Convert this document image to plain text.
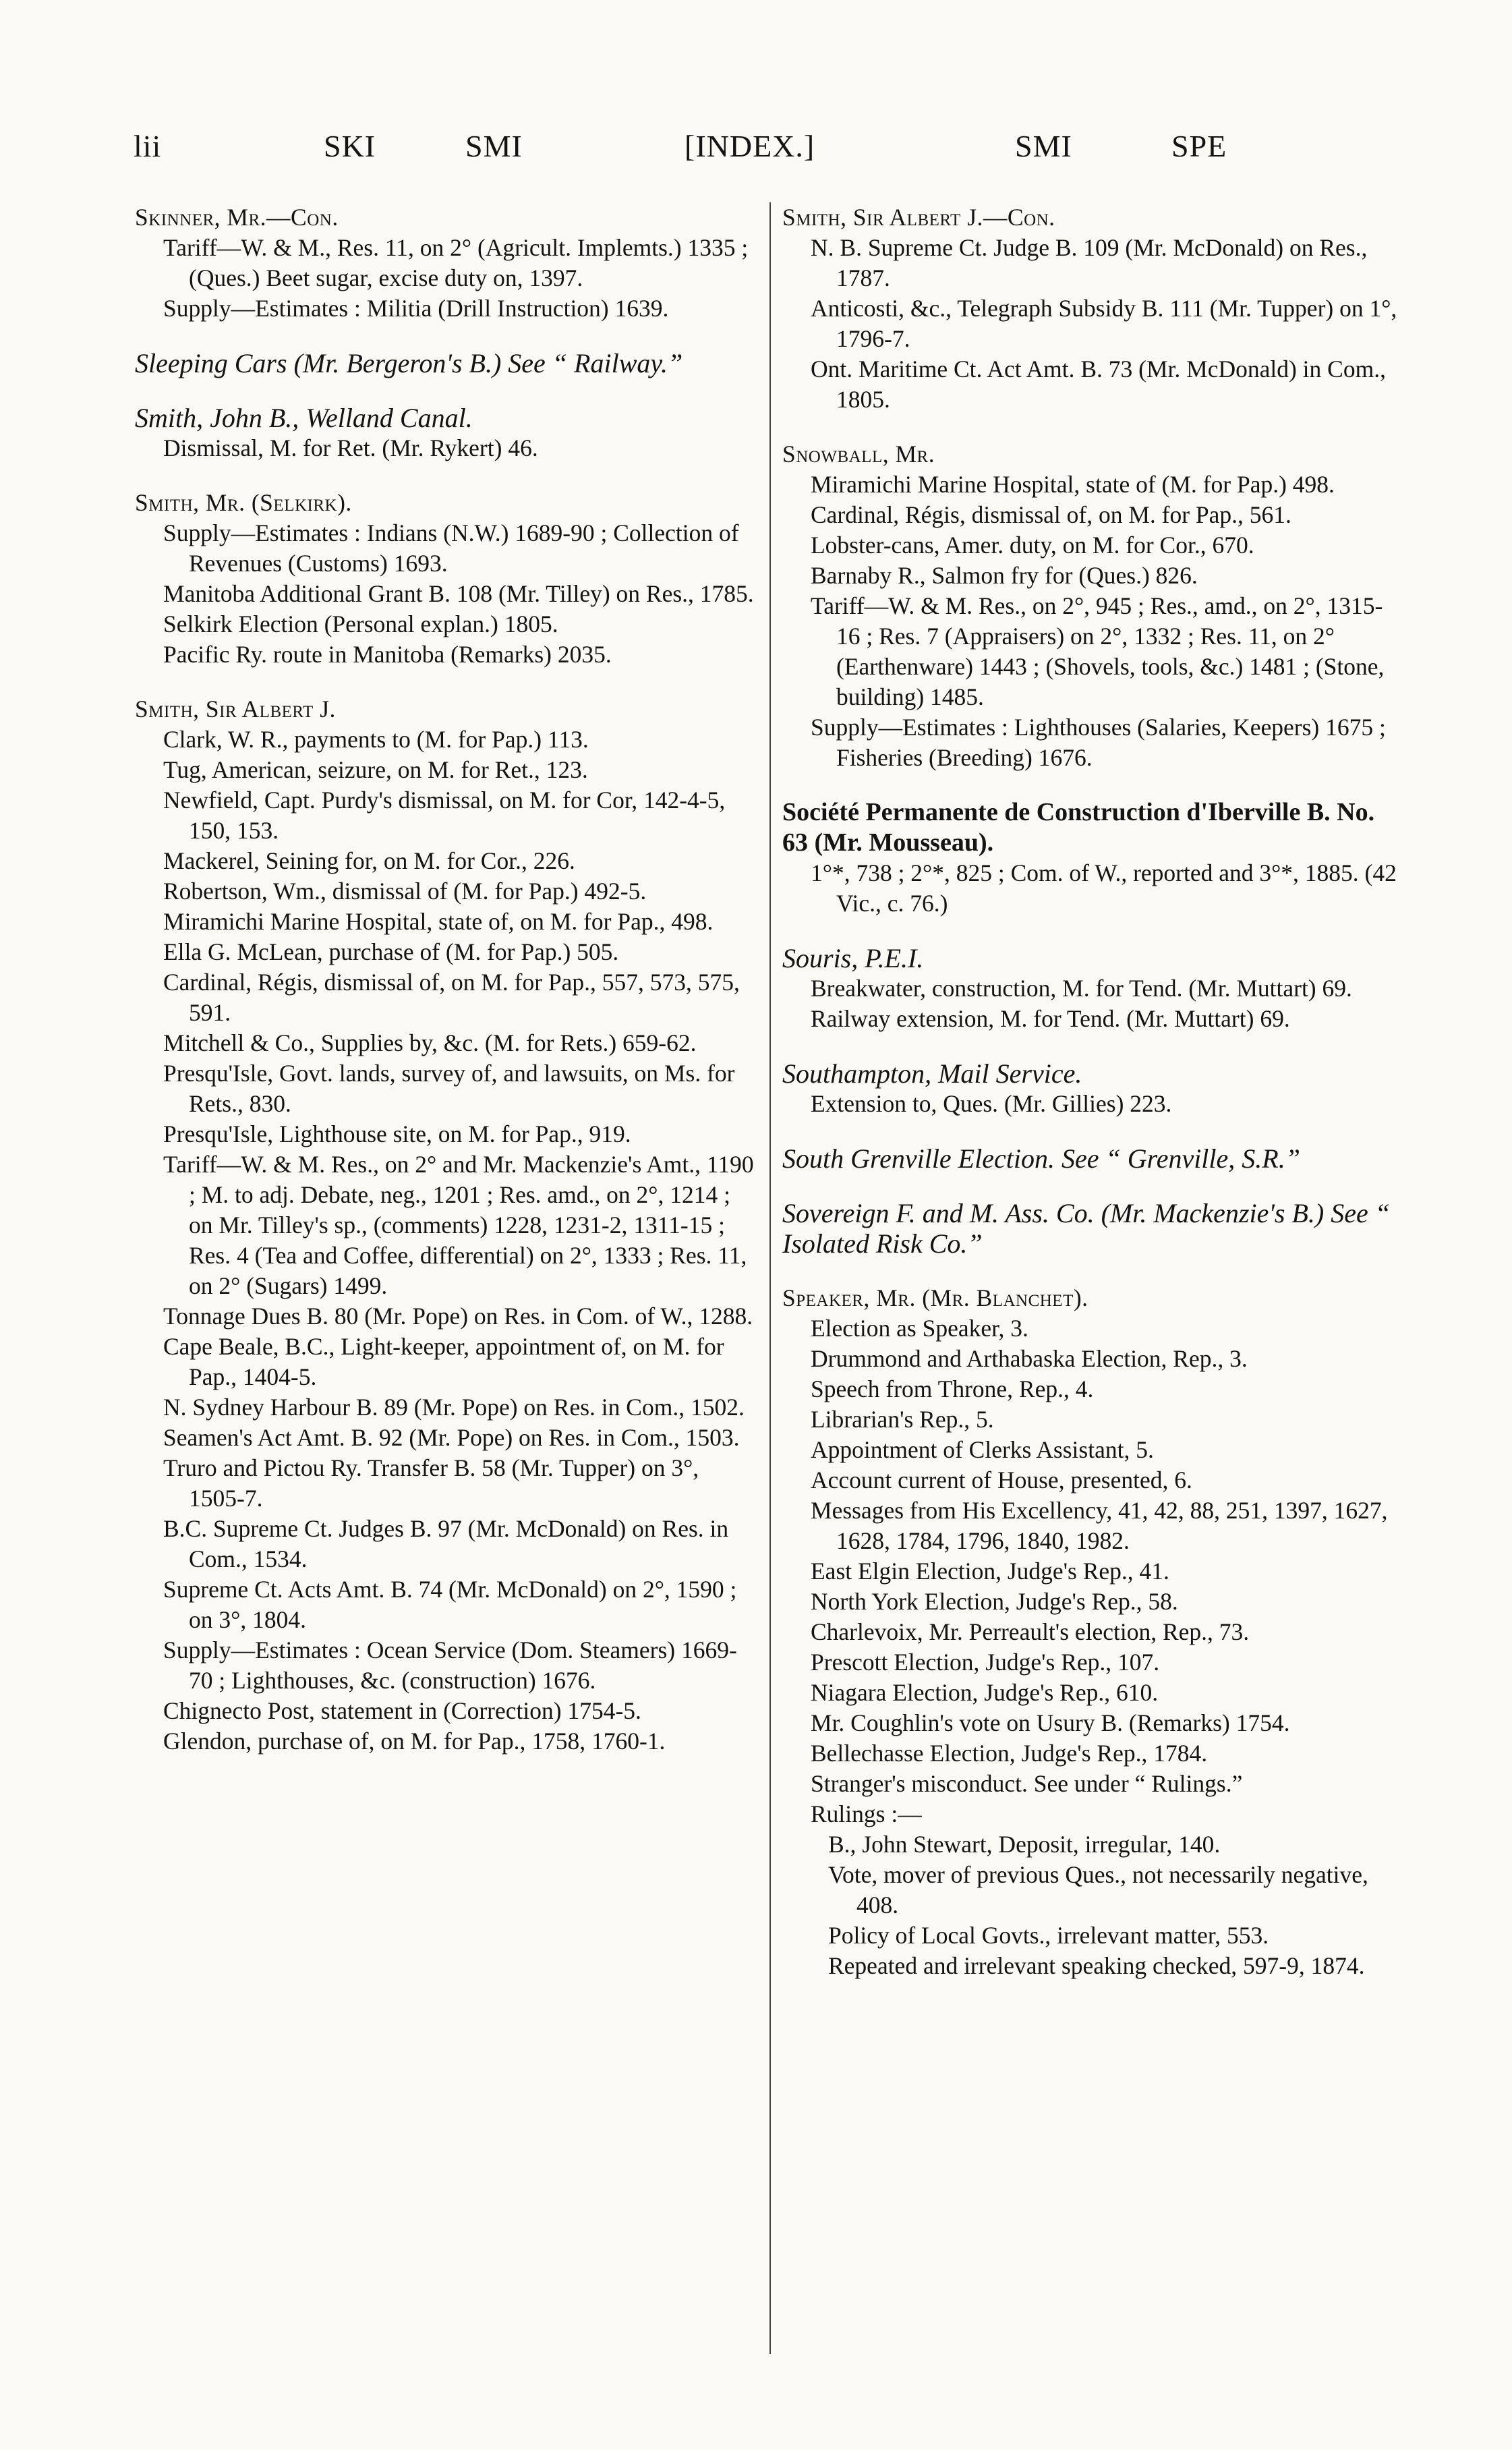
lii	SKI	SMI	[INDEX.]	SMI	SPE
Skinner, Mr.—Con.
Tariff—W. & M., Res. 11, on 2° (Agricult. Implemts.) 1335 ; (Ques.) Beet sugar, excise duty on, 1397.
Supply—Estimates : Militia (Drill Instruction) 1639.
Sleeping Cars (Mr. Bergeron's B.) See “ Railway.”
Smith, John B., Welland Canal.
Dismissal, M. for Ret. (Mr. Rykert) 46.
Smith, Mr. (Selkirk).
Supply—Estimates : Indians (N.W.) 1689-90 ; Collection of Revenues (Customs) 1693.
Manitoba Additional Grant B. 108 (Mr. Tilley) on Res., 1785.
Selkirk Election (Personal explan.) 1805.
Pacific Ry. route in Manitoba (Remarks) 2035.
Smith, Sir Albert J.
Clark, W. R., payments to (M. for Pap.) 113.
Tug, American, seizure, on M. for Ret., 123.
Newfield, Capt. Purdy's dismissal, on M. for Cor, 142-4-5, 150, 153.
Mackerel, Seining for, on M. for Cor., 226.
Robertson, Wm., dismissal of (M. for Pap.) 492-5.
Miramichi Marine Hospital, state of, on M. for Pap., 498.
Ella G. McLean, purchase of (M. for Pap.) 505.
Cardinal, Régis, dismissal of, on M. for Pap., 557, 573, 575, 591.
Mitchell & Co., Supplies by, &c. (M. for Rets.) 659-62.
Presqu'Isle, Govt. lands, survey of, and lawsuits, on Ms. for Rets., 830.
Presqu'Isle, Lighthouse site, on M. for Pap., 919.
Tariff—W. & M. Res., on 2° and Mr. Mackenzie's Amt., 1190 ; M. to adj. Debate, neg., 1201 ; Res. amd., on 2°, 1214 ; on Mr. Tilley's sp., (comments) 1228, 1231-2, 1311-15 ; Res. 4 (Tea and Coffee, differential) on 2°, 1333 ; Res. 11, on 2° (Sugars) 1499.
Tonnage Dues B. 80 (Mr. Pope) on Res. in Com. of W., 1288.
Cape Beale, B.C., Light-keeper, appointment of, on M. for Pap., 1404-5.
N. Sydney Harbour B. 89 (Mr. Pope) on Res. in Com., 1502.
Seamen's Act Amt. B. 92 (Mr. Pope) on Res. in Com., 1503.
Truro and Pictou Ry. Transfer B. 58 (Mr. Tupper) on 3°, 1505-7.
B.C. Supreme Ct. Judges B. 97 (Mr. McDonald) on Res. in Com., 1534.
Supreme Ct. Acts Amt. B. 74 (Mr. McDonald) on 2°, 1590 ; on 3°, 1804.
Supply—Estimates : Ocean Service (Dom. Steamers) 1669-70 ; Lighthouses, &c. (construction) 1676.
Chignecto Post, statement in (Correction) 1754-5.
Glendon, purchase of, on M. for Pap., 1758, 1760-1.
Smith, Sir Albert J.—Con.
N. B. Supreme Ct. Judge B. 109 (Mr. McDonald) on Res., 1787.
Anticosti, &c., Telegraph Subsidy B. 111 (Mr. Tupper) on 1°, 1796-7.
Ont. Maritime Ct. Act Amt. B. 73 (Mr. McDonald) in Com., 1805.
Snowball, Mr.
Miramichi Marine Hospital, state of (M. for Pap.) 498.
Cardinal, Régis, dismissal of, on M. for Pap., 561.
Lobster-cans, Amer. duty, on M. for Cor., 670.
Barnaby R., Salmon fry for (Ques.) 826.
Tariff—W. & M. Res., on 2°, 945 ; Res., amd., on 2°, 1315-16 ; Res. 7 (Appraisers) on 2°, 1332 ; Res. 11, on 2° (Earthenware) 1443 ; (Shovels, tools, &c.) 1481 ; (Stone, building) 1485.
Supply—Estimates : Lighthouses (Salaries, Keepers) 1675 ; Fisheries (Breeding) 1676.
Société Permanente de Construction d'Iberville B. No. 63 (Mr. Mousseau).
1°*, 738 ; 2°*, 825 ; Com. of W., reported and 3°*, 1885. (42 Vic., c. 76.)
Souris, P.E.I.
Breakwater, construction, M. for Tend. (Mr. Muttart) 69.
Railway extension, M. for Tend. (Mr. Muttart) 69.
Southampton, Mail Service.
Extension to, Ques. (Mr. Gillies) 223.
South Grenville Election. See “ Grenville, S.R.”
Sovereign F. and M. Ass. Co. (Mr. Mackenzie's B.) See “ Isolated Risk Co.”
Speaker, Mr. (Mr. Blanchet).
Election as Speaker, 3.
Drummond and Arthabaska Election, Rep., 3.
Speech from Throne, Rep., 4.
Librarian's Rep., 5.
Appointment of Clerks Assistant, 5.
Account current of House, presented, 6.
Messages from His Excellency, 41, 42, 88, 251, 1397, 1627, 1628, 1784, 1796, 1840, 1982.
East Elgin Election, Judge's Rep., 41.
North York Election, Judge's Rep., 58.
Charlevoix, Mr. Perreault's election, Rep., 73.
Prescott Election, Judge's Rep., 107.
Niagara Election, Judge's Rep., 610.
Mr. Coughlin's vote on Usury B. (Remarks) 1754.
Bellechasse Election, Judge's Rep., 1784.
Stranger's misconduct. See under “ Rulings.”
Rulings :—
B., John Stewart, Deposit, irregular, 140.
Vote, mover of previous Ques., not necessarily negative, 408.
Policy of Local Govts., irrelevant matter, 553.
Repeated and irrelevant speaking checked, 597-9, 1874.
